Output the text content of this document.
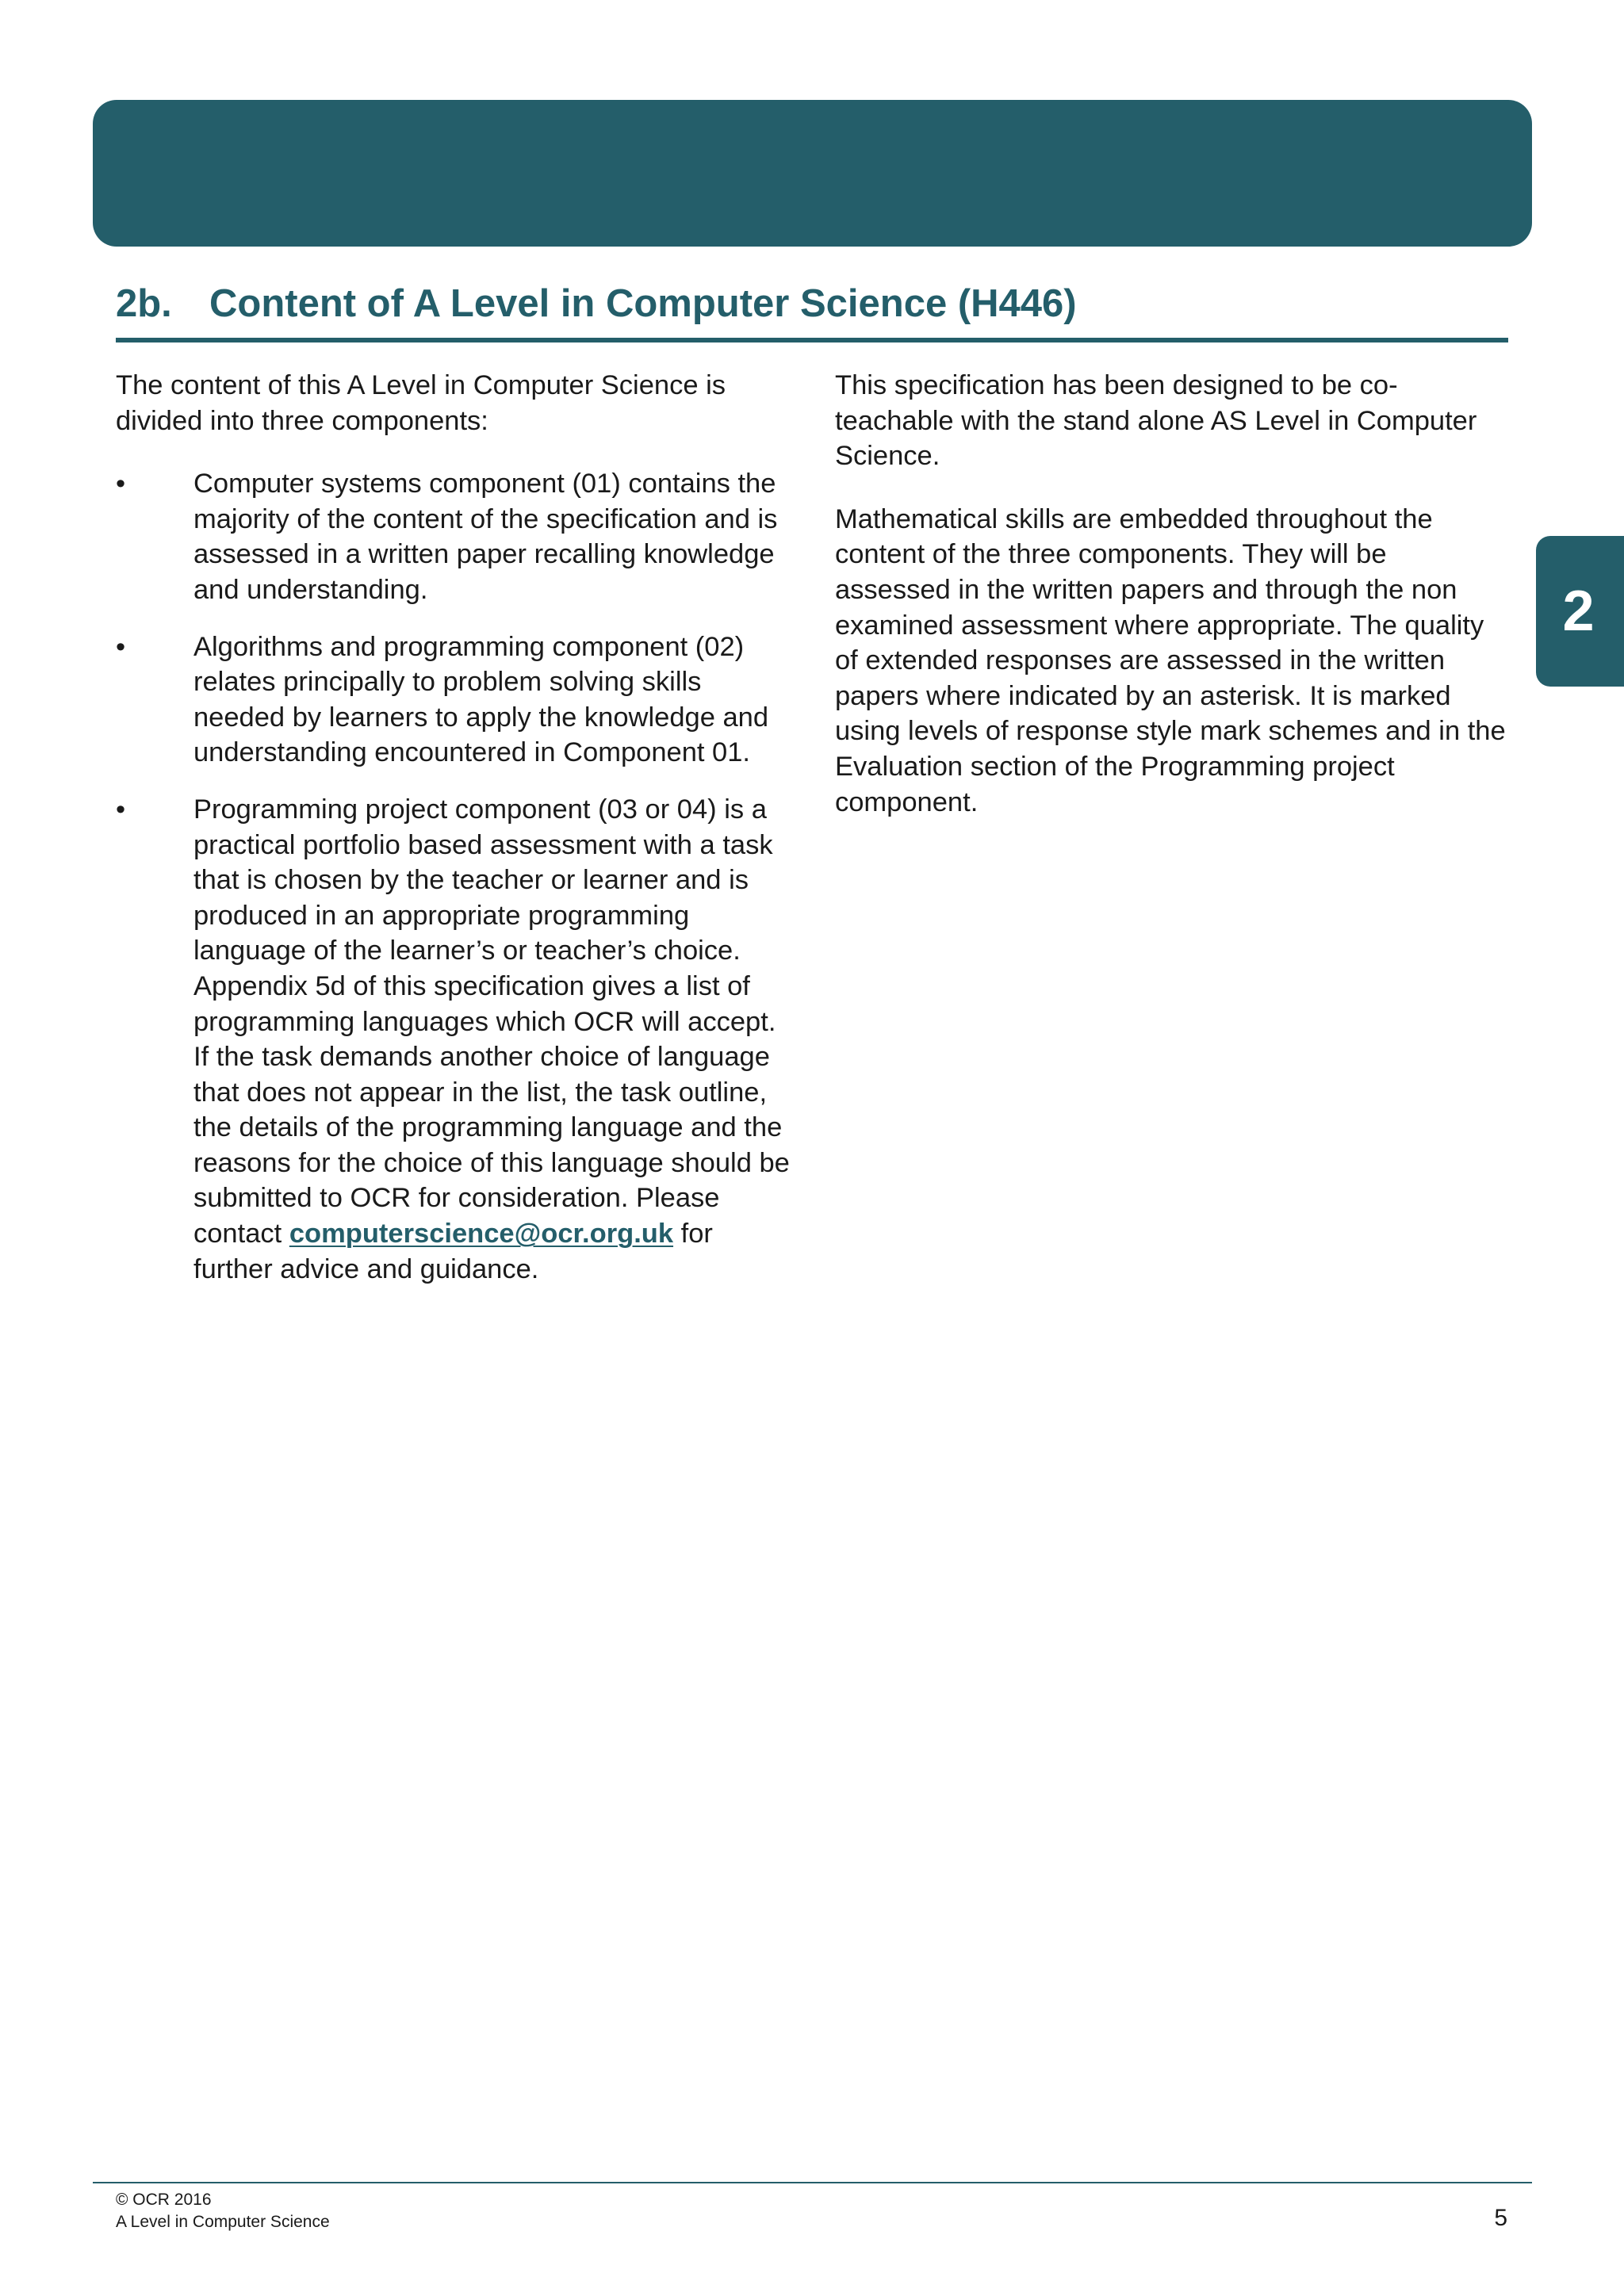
2
2b. Content of A Level in Computer Science (H446)

The content of this A Level in Computer Science is divided into three components:

• Computer systems component (01) contains the majority of the content of the specification and is assessed in a written paper recalling knowledge and understanding.
• Algorithms and programming component (02) relates principally to problem solving skills needed by learners to apply the knowledge and understanding encountered in Component 01.
• Programming project component (03 or 04) is a practical portfolio based assessment with a task that is chosen by the teacher or learner and is produced in an appropriate programming language of the learner’s or teacher’s choice. Appendix 5d of this specification gives a list of programming languages which OCR will accept. If the task demands another choice of language that does not appear in the list, the task outline, the details of the programming language and the reasons for the choice of this language should be submitted to OCR for consideration. Please contact computerscience@ocr.org.uk for further advice and guidance.

This specification has been designed to be co-teachable with the stand alone AS Level in Computer Science.

Mathematical skills are embedded throughout the content of the three components. They will be assessed in the written papers and through the non examined assessment where appropriate. The quality of extended responses are assessed in the written papers where indicated by an asterisk. It is marked using levels of response style mark schemes and in the Evaluation section of the Programming project component.

© OCR 2016
A Level in Computer Science	5
